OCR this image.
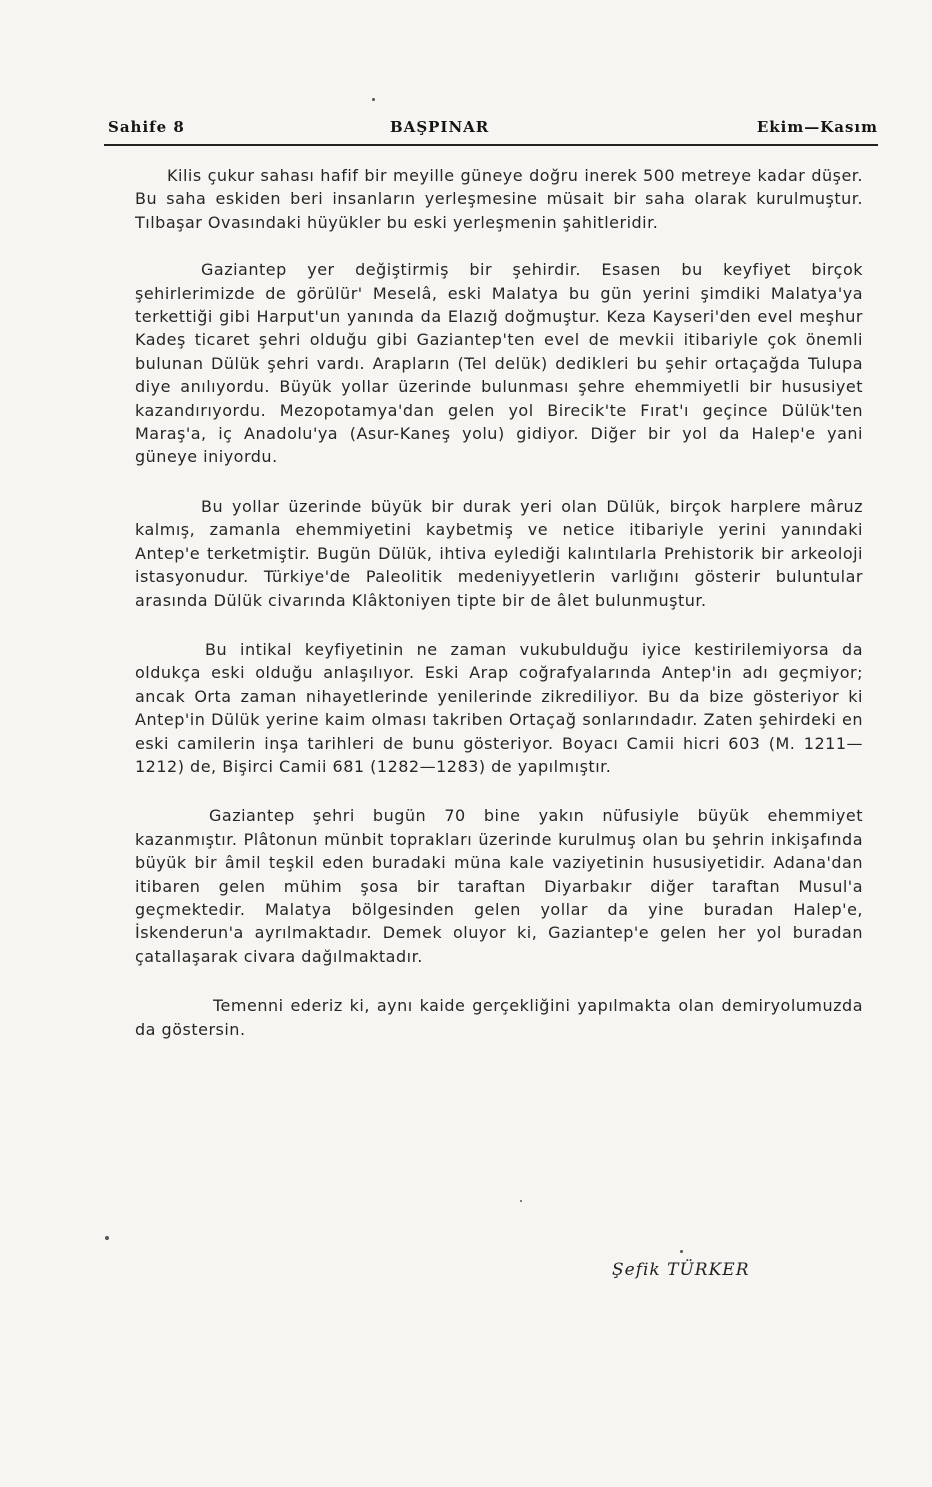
Sahife 8	BAŞPINAR	Ekim—Kasım

Kilis çukur sahası hafif bir meyille güneye doğru inerek 500 metreye kadar düşer. Bu saha eskiden beri insanların yerleşmesine müsait bir saha olarak kurulmuştur. Tılbaşar Ovasındaki hüyükler bu eski yerleşmenin şahitleridir.

Gaziantep yer değiştirmiş bir şehirdir. Esasen bu keyfiyet birçok şehirlerimizde de görülür' Meselâ, eski Malatya bu gün yerini şimdiki Malatya'ya terkettiği gibi Harput'un yanında da Elazığ doğmuştur. Keza Kayseri'den evel meşhur Kadeş ticaret şehri olduğu gibi Gaziantep'ten evel de mevkii itibariyle çok önemli bulunan Dülük şehri vardı. Arapların (Tel delük) dedikleri bu şehir ortaçağda Tulupa diye anılıyordu. Büyük yollar üzerinde bulunması şehre ehemmiyetli bir hususiyet kazandırıyordu. Mezopotamya'dan gelen yol Birecik'te Fırat'ı geçince Dülük'ten Maraş'a, iç Anadolu'ya (Asur-Kaneş yolu) gidiyor. Diğer bir yol da Halep'e yani güneye iniyordu.

Bu yollar üzerinde büyük bir durak yeri olan Dülük, birçok harplere mâruz kalmış, zamanla ehemmiyetini kaybetmiş ve netice itibariyle yerini yanındaki Antep'e terketmiştir. Bugün Dülük, ihtiva eylediği kalıntılarla Prehistorik bir arkeoloji istasyonudur. Türkiye'de Paleolitik medeniyyetlerin varlığını gösterir buluntular arasında Dülük civarında Klâktoniyen tipte bir de âlet bulunmuştur.

Bu intikal keyfiyetinin ne zaman vukubulduğu iyice kestirilemiyorsa da oldukça eski olduğu anlaşılıyor. Eski Arap coğrafyalarında Antep'in adı geçmiyor; ancak Orta zaman nihayetlerinde yenilerinde zikrediliyor. Bu da bize gösteriyor ki Antep'in Dülük yerine kaim olması takriben Ortaçağ sonlarındadır. Zaten şehirdeki en eski camilerin inşa tarihleri de bunu gösteriyor. Boyacı Camii hicri 603 (M. 1211—1212) de, Bişirci Camii 681 (1282—1283) de yapılmıştır.

Gaziantep şehri bugün 70 bine yakın nüfusiyle büyük ehemmiyet kazanmıştır. Plâtonun münbit toprakları üzerinde kurulmuş olan bu şehrin inkişafında büyük bir âmil teşkil eden buradaki müna kale vaziyetinin hususiyetidir. Adana'dan itibaren gelen mühim şosa bir taraftan Diyarbakır diğer taraftan Musul'a geçmektedir. Malatya bölgesinden gelen yollar da yine buradan Halep'e, İskenderun'a ayrılmaktadır. Demek oluyor ki, Gaziantep'e gelen her yol buradan çatallaşarak civara dağılmaktadır.

Temenni ederiz ki, aynı kaide gerçekliğini yapılmakta olan demiryolumuzda da göstersin.

Şefik TÜRKER
